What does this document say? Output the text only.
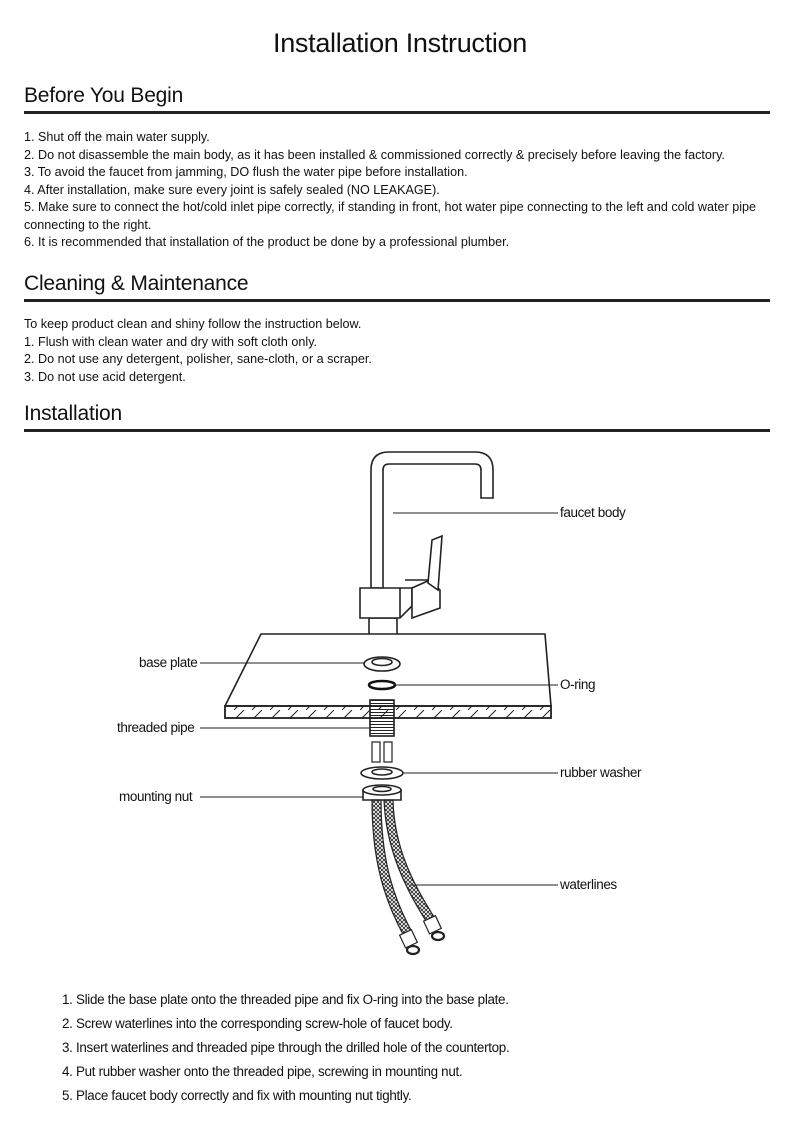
Installation Instruction
Before You Begin
1. Shut off the main water supply.
2. Do not disassemble the main body, as it has been installed & commissioned correctly & precisely before leaving the factory.
3. To avoid the faucet from jamming, DO flush the water pipe before installation.
4. After installation, make sure every joint is safely sealed (NO LEAKAGE).
5. Make sure to connect the hot/cold inlet pipe correctly, if standing in front, hot water pipe connecting to the left and cold water pipe connecting to the right.
6. It is recommended that installation of the product be done by a professional plumber.
Cleaning & Maintenance
To keep product clean and shiny follow the instruction below.
1. Flush with clean water and dry with soft cloth only.
2. Do not use any detergent, polisher, sane-cloth, or a scraper.
3. Do not use acid detergent.
Installation
faucet body
base plate
O-ring
threaded pipe
rubber washer
mounting nut
waterlines
1. Slide the base plate onto the threaded pipe and fix O-ring into the base plate.
2. Screw waterlines into the corresponding screw-hole of faucet body.
3. Insert waterlines and threaded pipe through the drilled hole of the countertop.
4. Put rubber washer onto the threaded pipe, screwing in mounting nut.
5. Place faucet body correctly and fix with mounting nut tightly.
